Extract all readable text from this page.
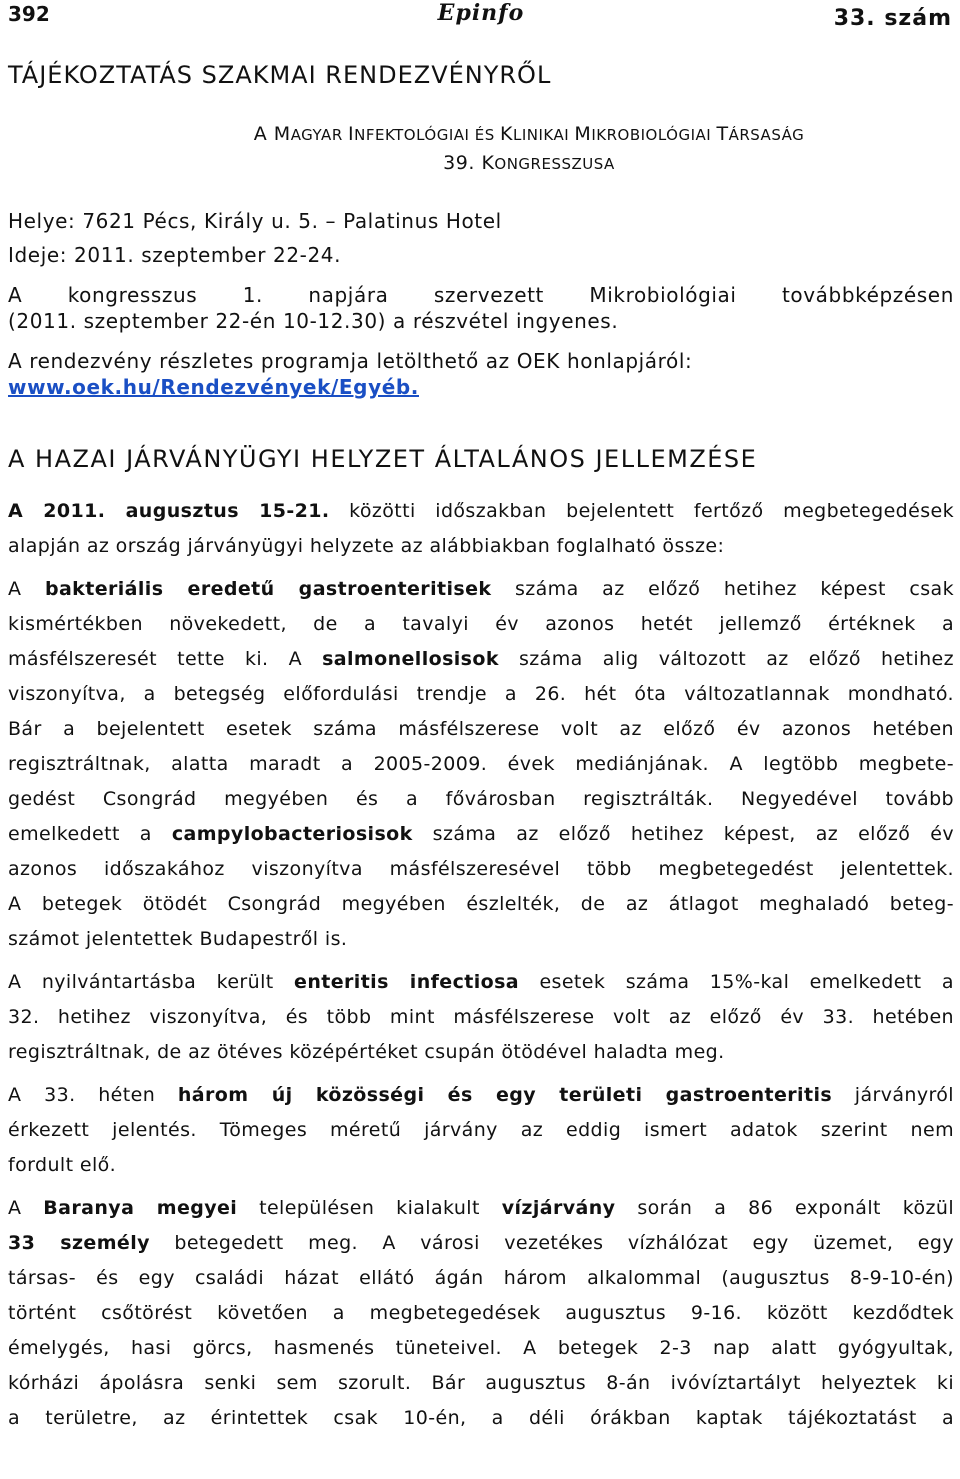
392	Epinfo	33. szám
TÁJÉKOZTATÁS SZAKMAI RENDEZVÉNYRŐL
A MAGYAR INFEKTOLÓGIAI ÉS KLINIKAI MIKROBIOLÓGIAI TÁRSASÁG
39. KONGRESSZUSA
Helye: 7621 Pécs, Király u. 5. – Palatinus Hotel
Ideje: 2011. szeptember 22-24.
A kongresszus 1. napjára szervezett Mikrobiológiai továbbképzésen
(2011. szeptember 22-én 10-12.30) a részvétel ingyenes.
A rendezvény részletes programja letölthető az OEK honlapjáról:
www.oek.hu/Rendezvények/Egyéb.
A HAZAI JÁRVÁNYÜGYI HELYZET ÁLTALÁNOS JELLEMZÉSE
A 2011. augusztus 15-21. közötti időszakban bejelentett fertőző megbetegedések
alapján az ország járványügyi helyzete az alábbiakban foglalható össze:
A bakteriális eredetű gastroenteritisek száma az előző hetihez képest csak
kismértékben növekedett, de a tavalyi év azonos hetét jellemző értéknek a
másfélszeresét tette ki. A salmonellosisok száma alig változott az előző hetihez
viszonyítva, a betegség előfordulási trendje a 26. hét óta változatlannak mondható.
Bár a bejelentett esetek száma másfélszerese volt az előző év azonos hetében
regisztráltnak, alatta maradt a 2005-2009. évek mediánjának. A legtöbb megbete-
gedést Csongrád megyében és a fővárosban regisztrálták. Negyedével tovább
emelkedett a campylobacteriosisok száma az előző hetihez képest, az előző év
azonos időszakához viszonyítva másfélszeresével több megbetegedést jelentettek.
A betegek ötödét Csongrád megyében észlelték, de az átlagot meghaladó beteg-
számot jelentettek Budapestről is.
A nyilvántartásba került enteritis infectiosa esetek száma 15%-kal emelkedett a
32. hetihez viszonyítva, és több mint másfélszerese volt az előző év 33. hetében
regisztráltnak, de az ötéves középértéket csupán ötödével haladta meg.
A 33. héten három új közösségi és egy területi gastroenteritis járványról
érkezett jelentés. Tömeges méretű járvány az eddig ismert adatok szerint nem
fordult elő.
A Baranya megyei településen kialakult vízjárvány során a 86 exponált közül
33 személy betegedett meg. A városi vezetékes vízhálózat egy üzemet, egy
társas- és egy családi házat ellátó ágán három alkalommal (augusztus 8-9-10-én)
történt csőtörést követően a megbetegedések augusztus 9-16. között kezdődtek
émelygés, hasi görcs, hasmenés tüneteivel. A betegek 2-3 nap alatt gyógyultak,
kórházi ápolásra senki sem szorult. Bár augusztus 8-án ivóvíztartályt helyeztek ki
a területre, az érintettek csak 10-én, a déli órákban kaptak tájékoztatást a
